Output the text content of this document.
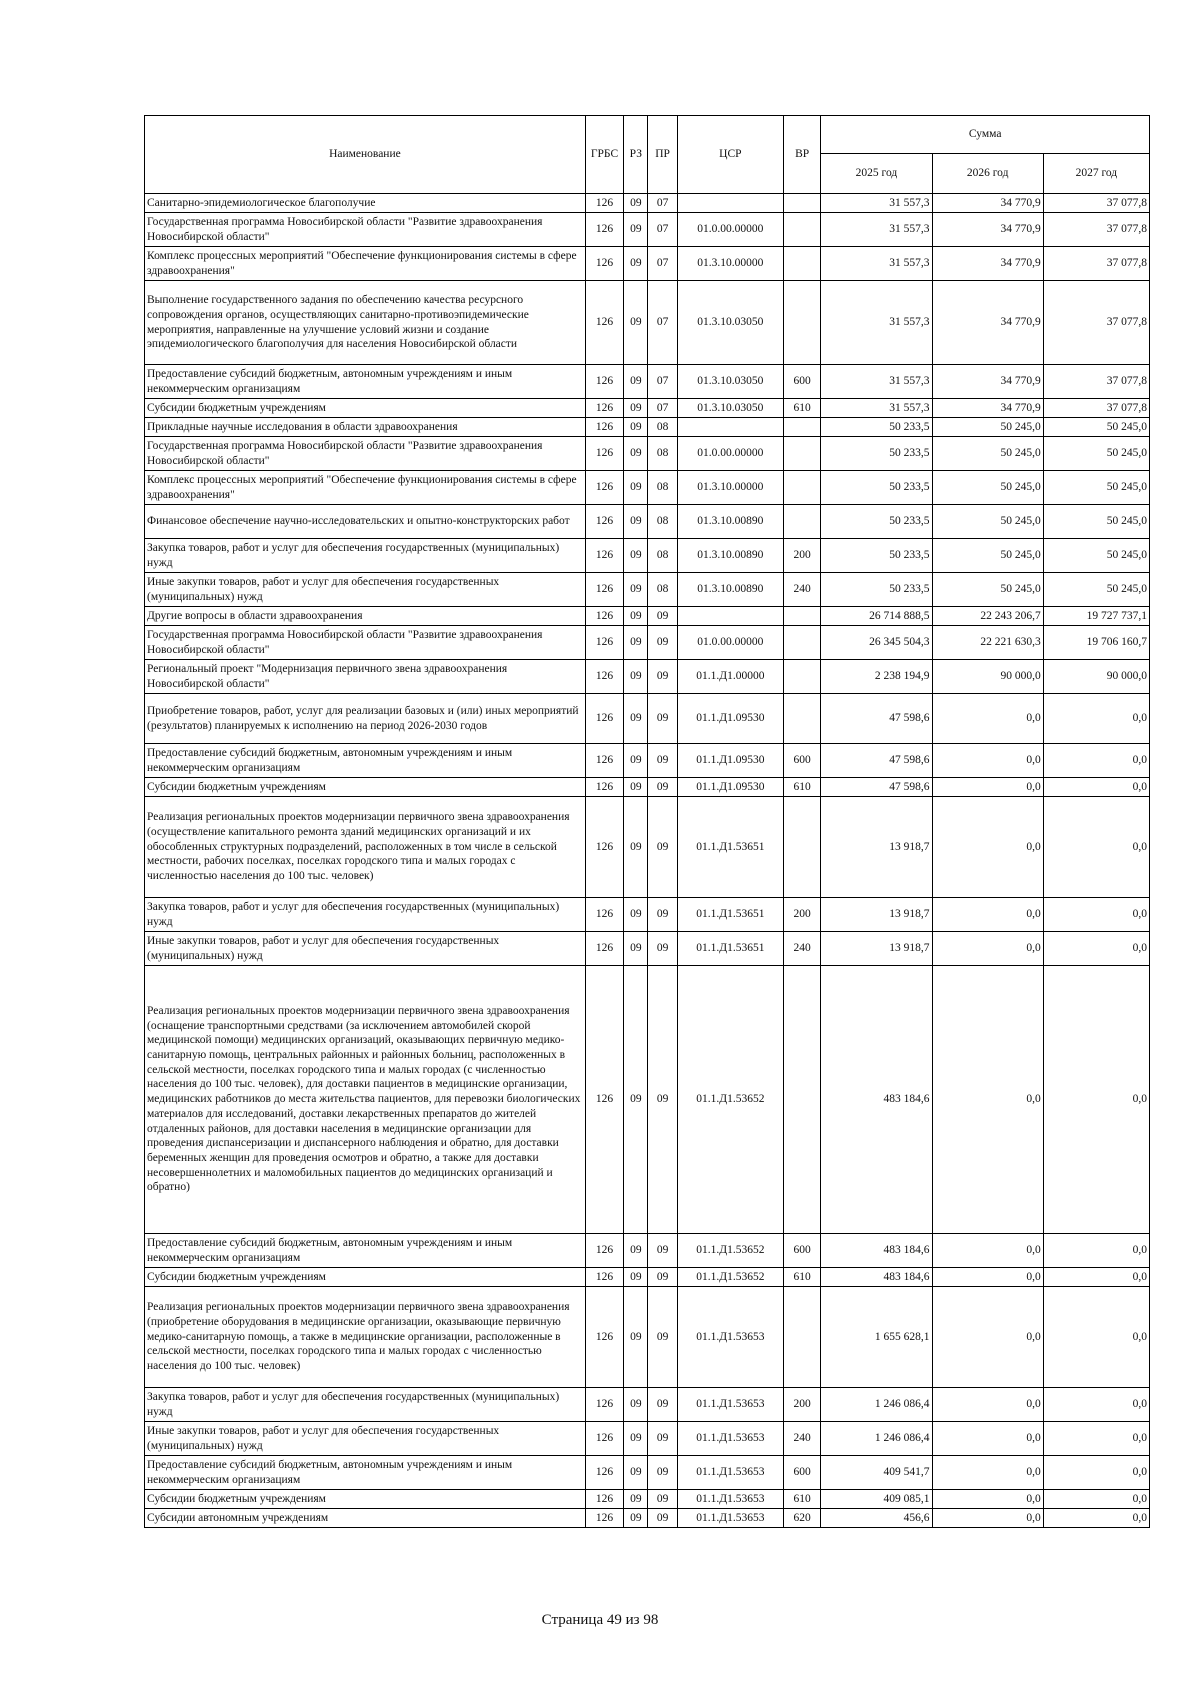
Наименование	ГРБС	РЗ	ПР	ЦСР	ВР	Сумма		
						2025 год	2026 год	2027 год
Санитарно-эпидемиологическое благополучие	126	09	07			31 557,3	34 770,9	37 077,8
Государственная программа Новосибирской области "Развитие здравоохранения Новосибирской области"	126	09	07	01.0.00.00000		31 557,3	34 770,9	37 077,8
Комплекс процессных мероприятий "Обеспечение функционирования системы в сфере здравоохранения"	126	09	07	01.3.10.00000		31 557,3	34 770,9	37 077,8
Выполнение государственного задания по обеспечению качества ресурсного сопровождения органов, осуществляющих санитарно-противоэпидемические мероприятия, направленные на улучшение условий жизни и создание эпидемиологического благополучия для населения Новосибирской области	126	09	07	01.3.10.03050		31 557,3	34 770,9	37 077,8
Предоставление субсидий бюджетным, автономным учреждениям и иным некоммерческим организациям	126	09	07	01.3.10.03050	600	31 557,3	34 770,9	37 077,8
Субсидии бюджетным учреждениям	126	09	07	01.3.10.03050	610	31 557,3	34 770,9	37 077,8
Прикладные научные исследования в области здравоохранения	126	09	08			50 233,5	50 245,0	50 245,0
Государственная программа Новосибирской области "Развитие здравоохранения Новосибирской области"	126	09	08	01.0.00.00000		50 233,5	50 245,0	50 245,0
Комплекс процессных мероприятий "Обеспечение функционирования системы в сфере здравоохранения"	126	09	08	01.3.10.00000		50 233,5	50 245,0	50 245,0
Финансовое обеспечение научно-исследовательских и опытно-конструкторских работ	126	09	08	01.3.10.00890		50 233,5	50 245,0	50 245,0
Закупка товаров, работ и услуг для обеспечения государственных (муниципальных) нужд	126	09	08	01.3.10.00890	200	50 233,5	50 245,0	50 245,0
Иные закупки товаров, работ и услуг для обеспечения государственных (муниципальных) нужд	126	09	08	01.3.10.00890	240	50 233,5	50 245,0	50 245,0
Другие вопросы в области здравоохранения	126	09	09			26 714 888,5	22 243 206,7	19 727 737,1
Государственная программа Новосибирской области "Развитие здравоохранения Новосибирской области"	126	09	09	01.0.00.00000		26 345 504,3	22 221 630,3	19 706 160,7
Региональный проект "Модернизация первичного звена здравоохранения Новосибирской области"	126	09	09	01.1.Д1.00000		2 238 194,9	90 000,0	90 000,0
Приобретение товаров, работ, услуг для реализации базовых и (или) иных мероприятий (результатов) планируемых к исполнению на период 2026-2030 годов	126	09	09	01.1.Д1.09530		47 598,6	0,0	0,0
Предоставление субсидий бюджетным, автономным учреждениям и иным некоммерческим организациям	126	09	09	01.1.Д1.09530	600	47 598,6	0,0	0,0
Субсидии бюджетным учреждениям	126	09	09	01.1.Д1.09530	610	47 598,6	0,0	0,0
Реализация региональных проектов модернизации первичного звена здравоохранения (осуществление капитального ремонта зданий медицинских организаций и их обособленных структурных подразделений, расположенных в том числе в сельской местности, рабочих поселках, поселках городского типа и малых городах с численностью населения до 100 тыс. человек)	126	09	09	01.1.Д1.53651		13 918,7	0,0	0,0
Закупка товаров, работ и услуг для обеспечения государственных (муниципальных) нужд	126	09	09	01.1.Д1.53651	200	13 918,7	0,0	0,0
Иные закупки товаров, работ и услуг для обеспечения государственных (муниципальных) нужд	126	09	09	01.1.Д1.53651	240	13 918,7	0,0	0,0
Реализация региональных проектов модернизации первичного звена здравоохранения (оснащение транспортными средствами (за исключением автомобилей скорой медицинской помощи) медицинских организаций, оказывающих первичную медико-санитарную помощь, центральных районных и районных больниц, расположенных в сельской местности, поселках городского типа и малых городах (с численностью населения до 100 тыс. человек), для доставки пациентов в медицинские организации, медицинских работников до места жительства пациентов, для перевозки биологических материалов для исследований, доставки лекарственных препаратов до жителей отдаленных районов, для доставки населения в медицинские организации для проведения диспансеризации и диспансерного наблюдения и обратно, для доставки беременных женщин для проведения осмотров и обратно, а также для доставки несовершеннолетних и маломобильных пациентов до медицинских организаций и обратно)	126	09	09	01.1.Д1.53652		483 184,6	0,0	0,0
Предоставление субсидий бюджетным, автономным учреждениям и иным некоммерческим организациям	126	09	09	01.1.Д1.53652	600	483 184,6	0,0	0,0
Субсидии бюджетным учреждениям	126	09	09	01.1.Д1.53652	610	483 184,6	0,0	0,0
Реализация региональных проектов модернизации первичного звена здравоохранения (приобретение оборудования в медицинские организации, оказывающие первичную медико-санитарную помощь, а также в медицинские организации, расположенные в сельской местности, поселках городского типа и малых городах с численностью населения до 100 тыс. человек)	126	09	09	01.1.Д1.53653		1 655 628,1	0,0	0,0
Закупка товаров, работ и услуг для обеспечения государственных (муниципальных) нужд	126	09	09	01.1.Д1.53653	200	1 246 086,4	0,0	0,0
Иные закупки товаров, работ и услуг для обеспечения государственных (муниципальных) нужд	126	09	09	01.1.Д1.53653	240	1 246 086,4	0,0	0,0
Предоставление субсидий бюджетным, автономным учреждениям и иным некоммерческим организациям	126	09	09	01.1.Д1.53653	600	409 541,7	0,0	0,0
Субсидии бюджетным учреждениям	126	09	09	01.1.Д1.53653	610	409 085,1	0,0	0,0
Субсидии автономным учреждениям	126	09	09	01.1.Д1.53653	620	456,6	0,0	0,0
Страница 49 из 98
